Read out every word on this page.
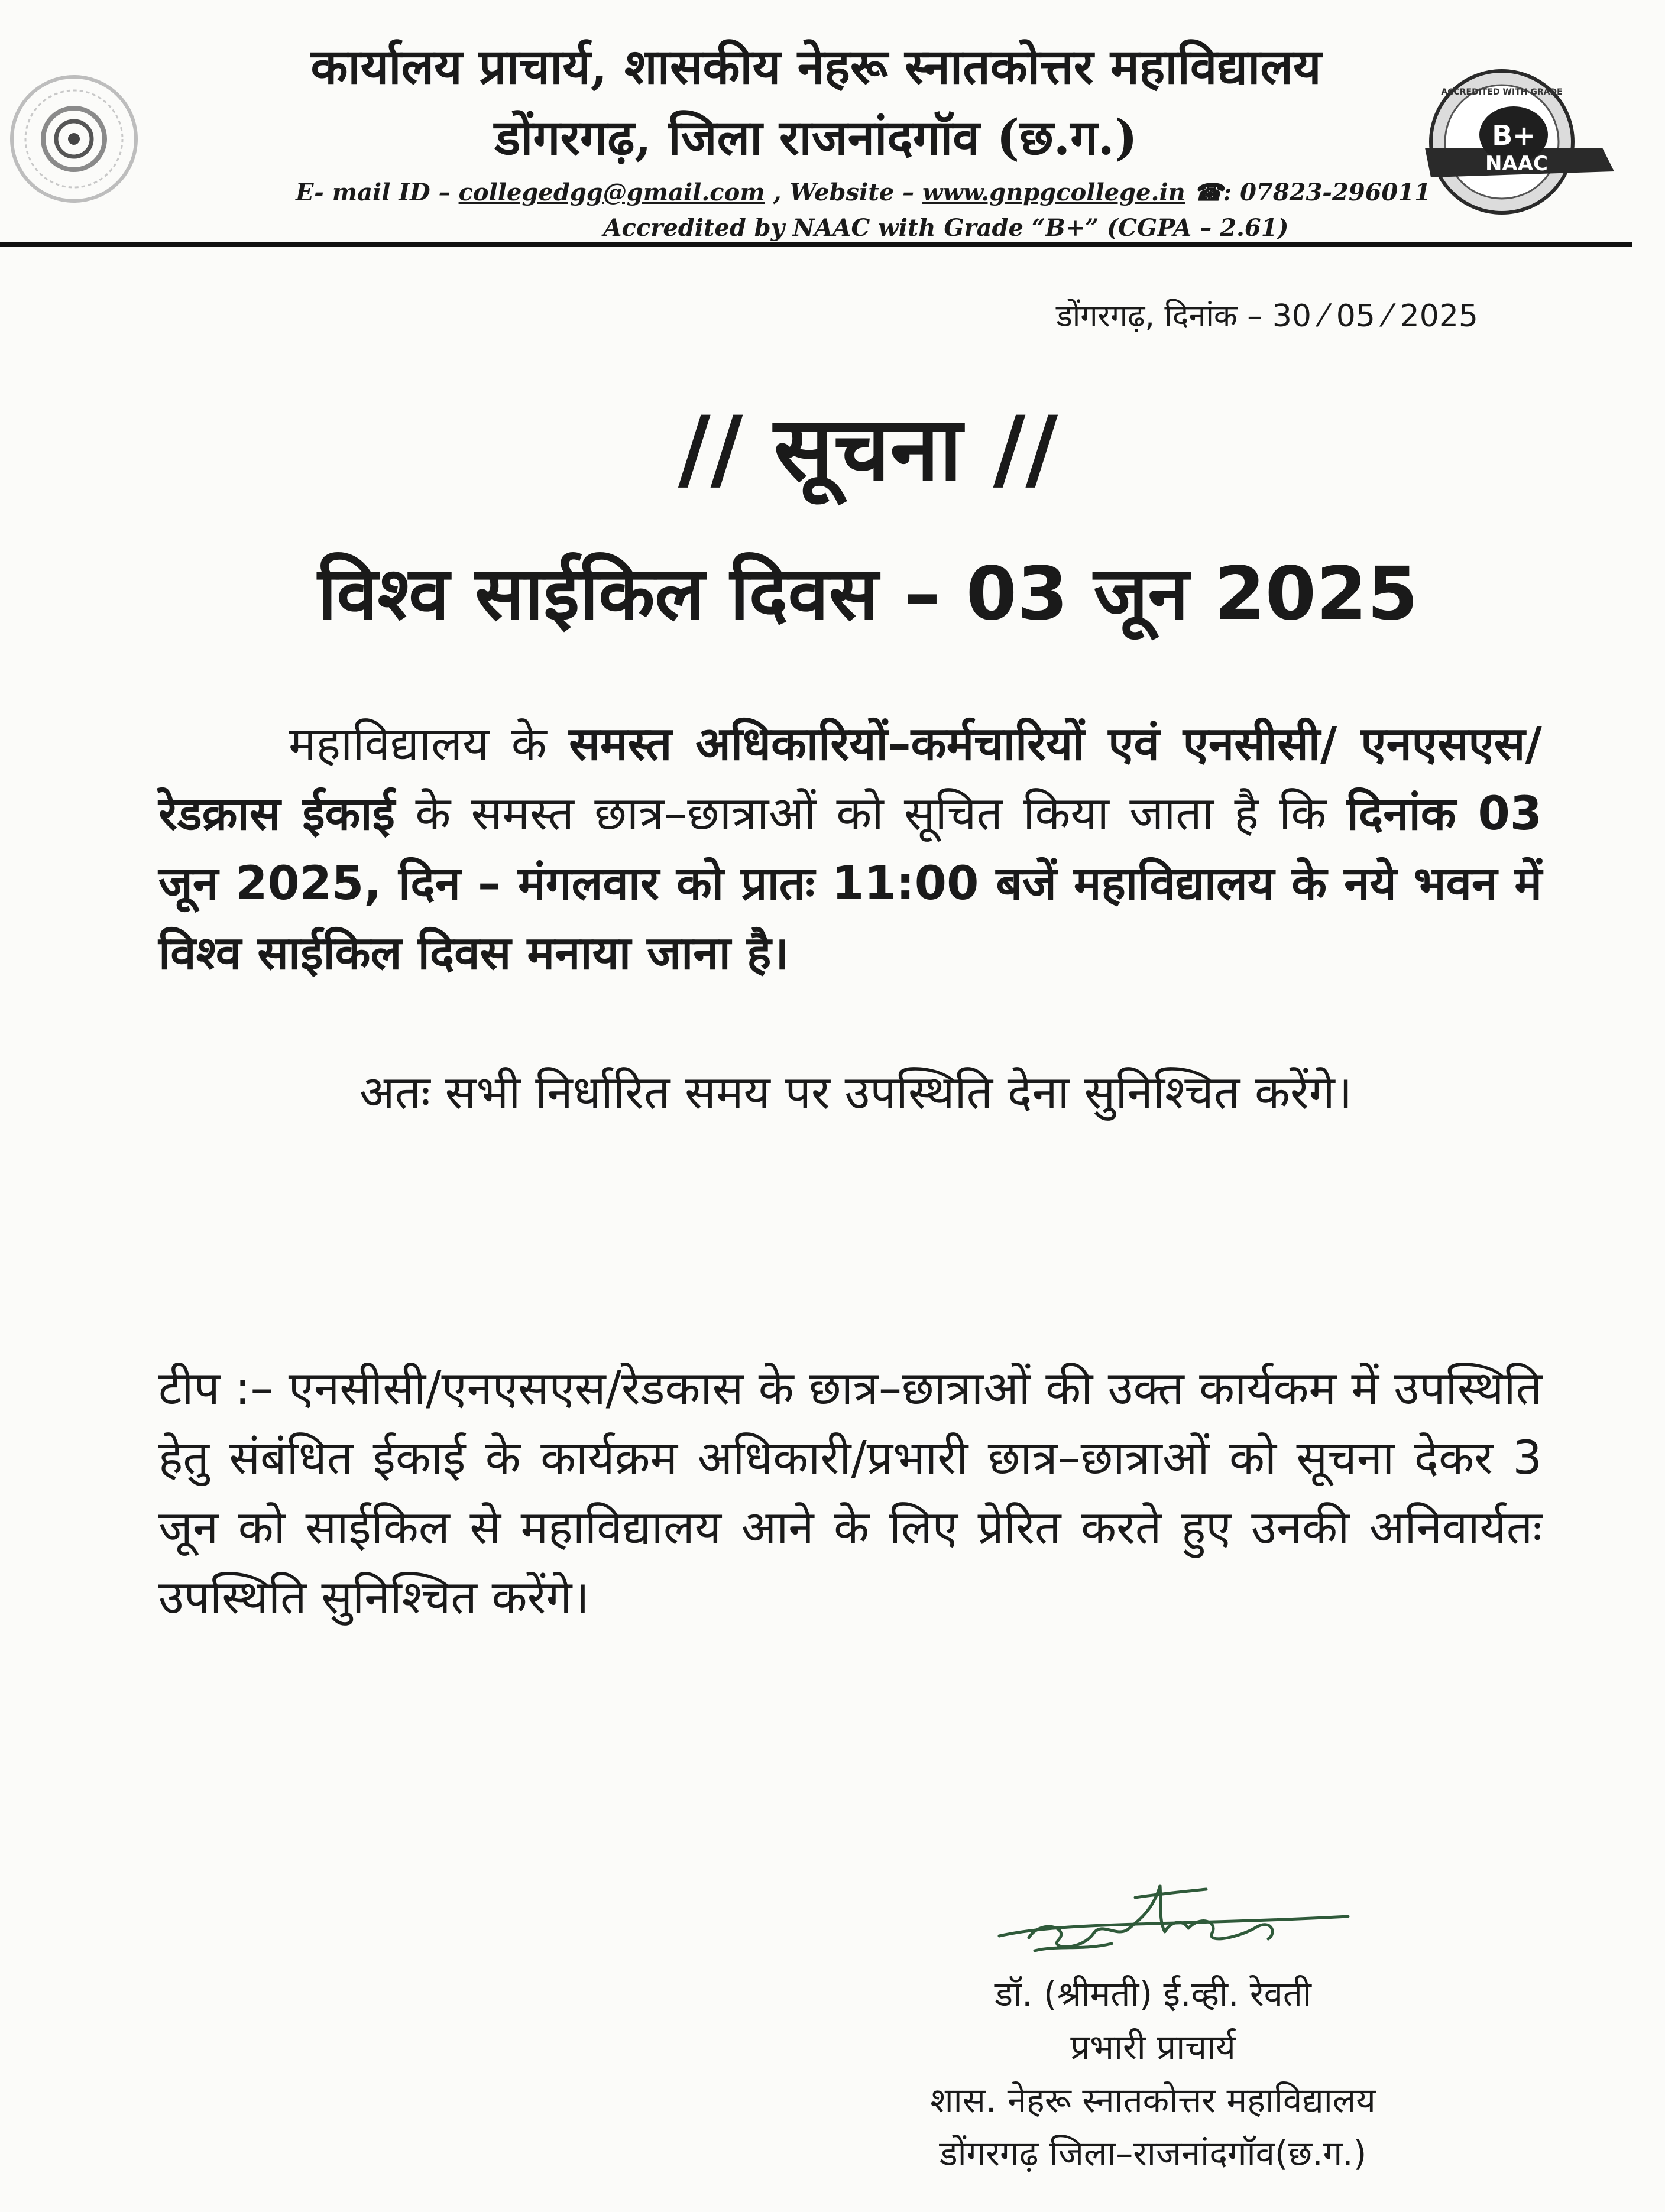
B+
NAAC
ACCREDITED WITH GRADE
कार्यालय प्राचार्य, शासकीय नेहरू स्नातकोत्तर महाविद्यालय
डोंगरगढ़, जिला राजनांदगॉव (छ.ग.)
E- mail ID – collegedgg@gmail.com , Website – www.gnpgcollege.in ☎: 07823-296011
Accredited by NAAC with Grade “B+” (CGPA – 2.61)
डोंगरगढ़, दिनांक – 30 ⁄ 05 ⁄ 2025
// सूचना //
विश्व साईकिल दिवस – 03 जून 2025
महाविद्यालय के समस्त अधिकारियों–कर्मचारियों एवं एनसीसी/ एनएसएस/ रेडक्रास ईकाई के समस्त छात्र–छात्राओं को सूचित किया जाता है कि दिनांक 03 जून 2025, दिन – मंगलवार को प्रातः 11:00 बजें महाविद्यालय के नये भवन में विश्व साईकिल दिवस मनाया जाना है।
अतः सभी निर्धारित समय पर उपस्थिति देना सुनिश्चित करेंगे।
टीप :– एनसीसी/एनएसएस/रेडकास के छात्र–छात्राओं की उक्त कार्यकम में उपस्थिति हेतु संबंधित ईकाई के कार्यक्रम अधिकारी/प्रभारी छात्र–छात्राओं को सूचना देकर 3 जून को साईकिल से महाविद्यालय आने के लिए प्रेरित करते हुए उनकी अनिवार्यतः उपस्थिति सुनिश्चित करेंगे।
डॉ. (श्रीमती) ई.व्ही. रेवती
प्रभारी प्राचार्य
शास. नेहरू स्नातकोत्तर महाविद्यालय
डोंगरगढ़ जिला–राजनांदगॉव(छ.ग.)
